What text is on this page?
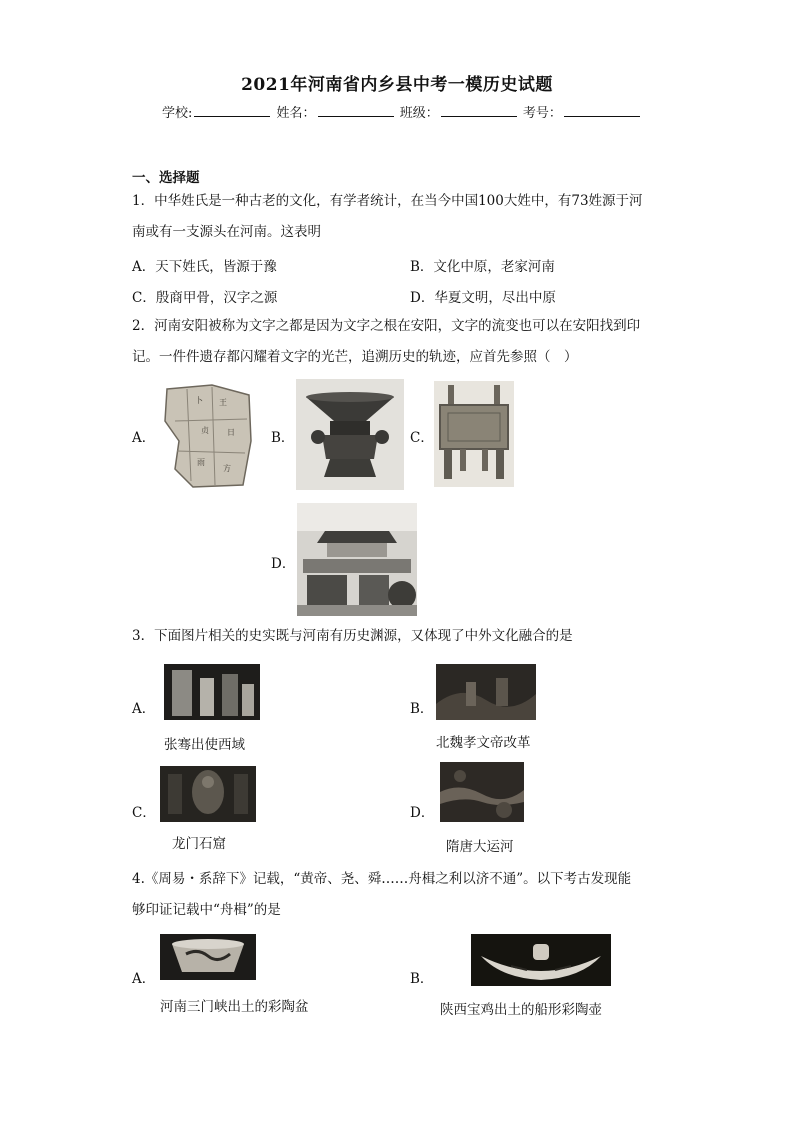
2021年河南省内乡县中考一模历史试题
学校:	姓名：	班级：	考号：
一、选择题
1．中华姓氏是一种古老的文化，有学者统计，在当今中国100大姓中，有73姓源于河
南或有一支源头在河南。这表明
A．天下姓氏，皆源于豫	B．文化中原，老家河南
C．殷商甲骨，汉字之源	D．华夏文明，尽出中原
2．河南安阳被称为文字之都是因为文字之根在安阳，文字的流变也可以在安阳找到印
记。一件件遗存都闪耀着文字的光芒，追溯历史的轨迹，应首先参照（　）
A．
卜 王
贞 日
雨
方
B．	C．
D．
3．下面图片相关的史实既与河南有历史渊源，又体现了中外文化融合的是
A．
张骞出使西域
B．
北魏孝文帝改革
C．
龙门石窟
D．
隋唐大运河
4.《周易・系辞下》记载，“黄帝、尧、舜……舟楫之利以济不通”。以下考古发现能
够印证记载中“舟楫”的是
A．
河南三门峡出土的彩陶盆
B．
陕西宝鸡出土的船形彩陶壶
